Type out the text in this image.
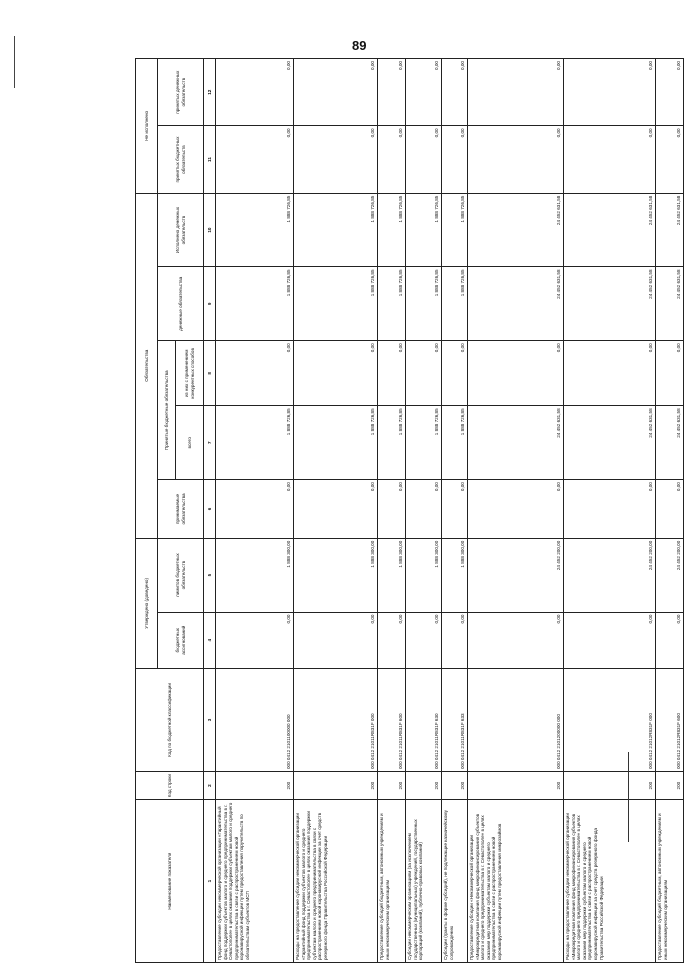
89
Наименование показателя	Код строки	Код по бюджетной классификации	Утверждено (доведено)		Обязательства					Не исполнено	
			бюджетных ассигнований	лимитов бюджетных обязательств	принимаемые обязательства	Принятые бюджетные обязательства		денежные обязательства	Исполнено денежных обязательств	принятых бюджетных обязательств	принятых денежных обязательств
						всего	из них с применением конкурентных способов				

1	2	3	4	5	6	7	8	9	10	11	12
Предоставление субсидии некоммерческой организации «Гарантийный фонд поддержки субъектов малого и среднего предпринимательства в г. Севастополе» в целях оказания поддержки субъектам малого и среднего предпринимательства в связи с распространением новой коронавирусной инфекции путем предоставления поручительств по обязательствам субъектов МСП	200	000 0412 2101100000 000	0,00	1 888 300,00	0,00	1 888 726,85	0,00	1 888 726,85	1 888 726,85	0,00	0,00
Расходы на предоставление субсидии некоммерческой организации «Гарантийный фонд поддержки субъектов малого и среднего предпринимательства в г. Севастополе» в целях оказания поддержки субъектам малого и среднего предпринимательства в связи с распространением новой коронавирусной инфекции за счет средств резервного фонда Правительства Российской Федерации	200	000 0412 21011R831F 000	0,00	1 888 300,00	0,00	1 888 726,85	0,00	1 888 726,85	1 888 726,85	0,00	0,00
Предоставление субсидий бюджетным, автономным учреждениям и иным некоммерческим организациям	200	000 0412 21011R831F 600	0,00	1 888 300,00	0,00	1 888 726,85	0,00	1 888 726,85	1 888 726,85	0,00	0,00
Субсидии некоммерческим организациям (за исключением государственных (муниципальных) учреждений, государственных корпораций (компаний), публично-правовых компаний)	200	000 0412 21011R831F 630	0,00	1 888 300,00	0,00	1 888 726,85	0,00	1 888 726,85	1 888 726,85	0,00	0,00
Субсидии (гранты в форме субсидий), не подлежащие казначейскому сопровождению	200	000 0412 21011R831F 633	0,00	1 888 300,00	0,00	1 888 726,85	0,00	1 888 726,85	1 888 726,85	0,00	0,00
Предоставление субсидии «Некоммерческой организации «Микрокредитная компания фонд микрофинансирования субъектов малого и среднего предпринимательства в г. Севастополе» в целях оказания мер поддержки субъектам малого и среднего предпринимательства в связи с распространением новой коронавирусной инфекции путем предоставления микрозаймов	200	000 0412 2101200000 000	0,00	24 452 200,00	0,00	24 452 631,58	0,00	24 452 631,58	24 452 631,58	0,00	0,00
Расходы на предоставление субсидии некоммерческой организации «Микрокредитная компания фонд микрофинансирования субъектов малого и среднего предпринимательства в г. Севастополе» в целях оказания мер поддержки субъектам малого и среднего предпринимательства в связи с распространением новой коронавирусной инфекции за счет средств резервного фонда Правительства Российской Федерации	200	000 0412 21012R831F 000	0,00	24 452 200,00	0,00	24 452 631,58	0,00	24 452 631,58	24 452 631,58	0,00	0,00
Предоставление субсидий бюджетным, автономным учреждениям и иным некоммерческим организациям	200	000 0412 21012R831F 600	0,00	24 452 200,00	0,00	24 452 631,58	0,00	24 452 631,58	24 452 631,58	0,00	0,00
